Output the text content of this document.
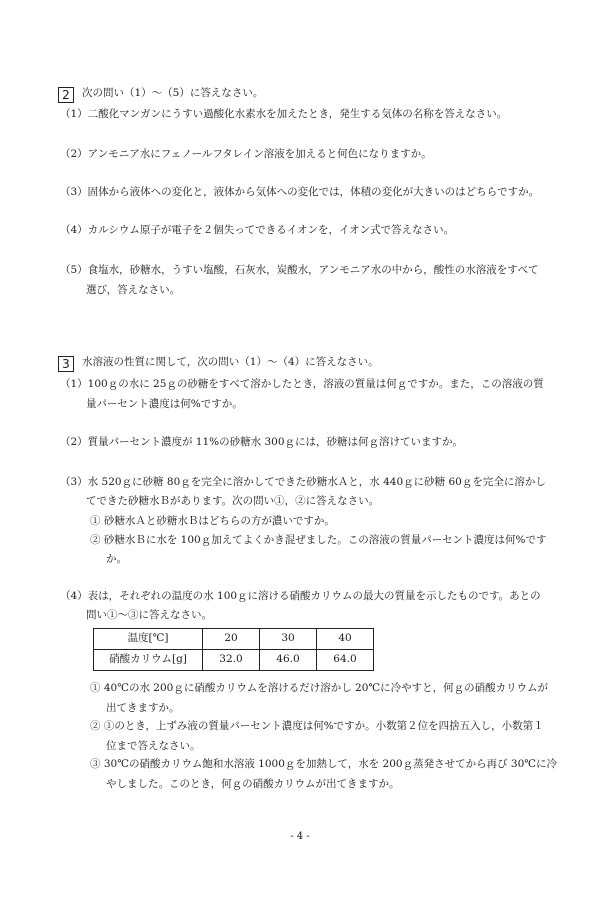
2	次の問い（1）～（5）に答えなさい。
（1）二酸化マンガンにうすい過酸化水素水を加えたとき，発生する気体の名称を答えなさい。
（2）アンモニア水にフェノールフタレイン溶液を加えると何色になりますか。
（3）固体から液体への変化と，液体から気体への変化では，体積の変化が大きいのはどちらですか。
（4）カルシウム原子が電子を２個失ってできるイオンを，イオン式で答えなさい。
（5）食塩水，砂糖水，うすい塩酸，石灰水，炭酸水，アンモニア水の中から，酸性の水溶液をすべて
選び，答えなさい。
3	水溶液の性質に関して，次の問い（1）～（4）に答えなさい。
（1）100ｇの水に 25ｇの砂糖をすべて溶かしたとき，溶液の質量は何ｇですか。また，この溶液の質
量パーセント濃度は何%ですか。
（2）質量パーセント濃度が 11%の砂糖水 300ｇには，砂糖は何ｇ溶けていますか。
（3）水 520ｇに砂糖 80ｇを完全に溶かしてできた砂糖水Ａと，水 440ｇに砂糖 60ｇを完全に溶かし
てできた砂糖水Ｂがあります。次の問い①，②に答えなさい。
① 砂糖水Ａと砂糖水Ｂはどちらの方が濃いですか。
② 砂糖水Ｂに水を 100ｇ加えてよくかき混ぜました。この溶液の質量パーセント濃度は何%です
か。
（4）表は，それぞれの温度の水 100ｇに溶ける硝酸カリウムの最大の質量を示したものです。あとの
問い①～③に答えなさい。
温度[℃]	20	30	40
硝酸カリウム[g]	32.0	46.0	64.0
① 40℃の水 200ｇに硝酸カリウムを溶けるだけ溶かし 20℃に冷やすと，何ｇの硝酸カリウムが
出てきますか。
② ①のとき，上ずみ液の質量パーセント濃度は何%ですか。小数第２位を四捨五入し，小数第１
位まで答えなさい。
③ 30℃の硝酸カリウム飽和水溶液 1000ｇを加熱して，水を 200ｇ蒸発させてから再び 30℃に冷
やしました。このとき，何ｇの硝酸カリウムが出てきますか。
- 4 -
